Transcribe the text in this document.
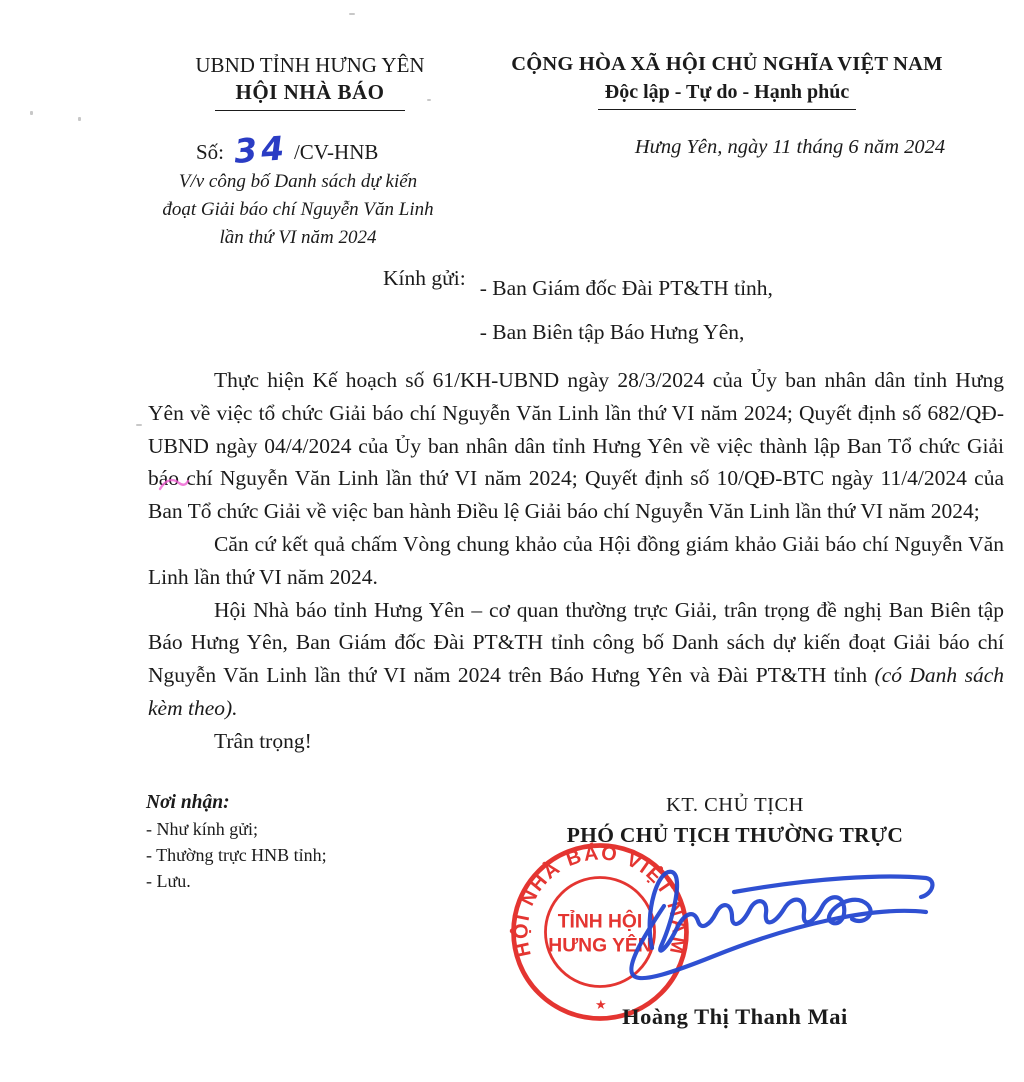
UBND TỈNH HƯNG YÊN
HỘI NHÀ BÁO
CỘNG HÒA XÃ HỘI CHỦ NGHĨA VIỆT NAM
Độc lập - Tự do - Hạnh phúc
Số: 34 /CV-HNB
V/v công bố Danh sách dự kiến
đoạt Giải báo chí Nguyễn Văn Linh
lần thứ VI năm 2024
Hưng Yên, ngày 11 tháng 6 năm 2024
Kính gửi: - Ban Giám đốc Đài PT&TH tỉnh,
- Ban Biên tập Báo Hưng Yên,

Thực hiện Kế hoạch số 61/KH-UBND ngày 28/3/2024 của Ủy ban nhân dân tỉnh Hưng Yên về việc tổ chức Giải báo chí Nguyễn Văn Linh lần thứ VI năm 2024; Quyết định số 682/QĐ-UBND ngày 04/4/2024 của Ủy ban nhân dân tỉnh Hưng Yên về việc thành lập Ban Tổ chức Giải báo chí Nguyễn Văn Linh lần thứ VI năm 2024; Quyết định số 10/QĐ-BTC ngày 11/4/2024 của Ban Tổ chức Giải về việc ban hành Điều lệ Giải báo chí Nguyễn Văn Linh lần thứ VI năm 2024;

Căn cứ kết quả chấm Vòng chung khảo của Hội đồng giám khảo Giải báo chí Nguyễn Văn Linh lần thứ VI năm 2024.

Hội Nhà báo tỉnh Hưng Yên – cơ quan thường trực Giải, trân trọng đề nghị Ban Biên tập Báo Hưng Yên, Ban Giám đốc Đài PT&TH tỉnh công bố Danh sách dự kiến đoạt Giải báo chí Nguyễn Văn Linh lần thứ VI năm 2024 trên Báo Hưng Yên và Đài PT&TH tỉnh (có Danh sách kèm theo).

Trân trọng!

Nơi nhận:
- Như kính gửi;
- Thường trực HNB tỉnh;
- Lưu.
KT. CHỦ TỊCH
PHÓ CHỦ TỊCH THƯỜNG TRỰC
HỘI NHÀ BÁO VIỆT NAM
TỈNH HỘI
HƯNG YÊN
★ Hoàng Thị Thanh Mai
